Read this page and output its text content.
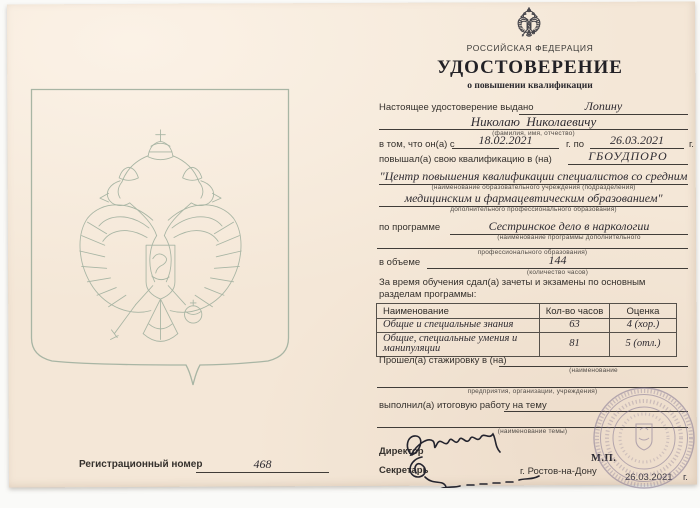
Регистрационный номер	468
РОССИЙСКАЯ ФЕДЕРАЦИЯ
УДОСТОВЕРЕНИЕ
о повышении квалификации
Настоящее удостоверение выдано	Лопину
Николаю  Николаевичу
(фамилия, имя, отчество)
в том, что он(а) с 18.02.2021	г. по 26.03.2021	г.
повышал(а) свою квалификацию в (на)	ГБОУДПОРО
"Центр повышения квалификации специалистов со средним
(наименование образовательного учреждения (подразделения)
медицинским и фармацевтическим образованием"
дополнительного профессионального образования)
по программе	Сестринское дело в наркологии
(наименование программы дополнительного
профессионального образования)
в объеме	144
(количество часов)
За время обучения сдал(а) зачеты и экзамены по основным разделам программы:
Наименование	Кол-во часов	Оценка
Общие и специальные знания	63	4 (хор.)
Общие, специальные умения и манипуляции	81	5 (отл.)
Прошел(а) стажировку в (на)
(наименование
предприятия, организации, учреждения)
выполнил(а) итоговую работу на тему
(наименование темы)
Директор
Секретарь	г. Ростов-на-Дону
М.П.
26.03.2021 г.
